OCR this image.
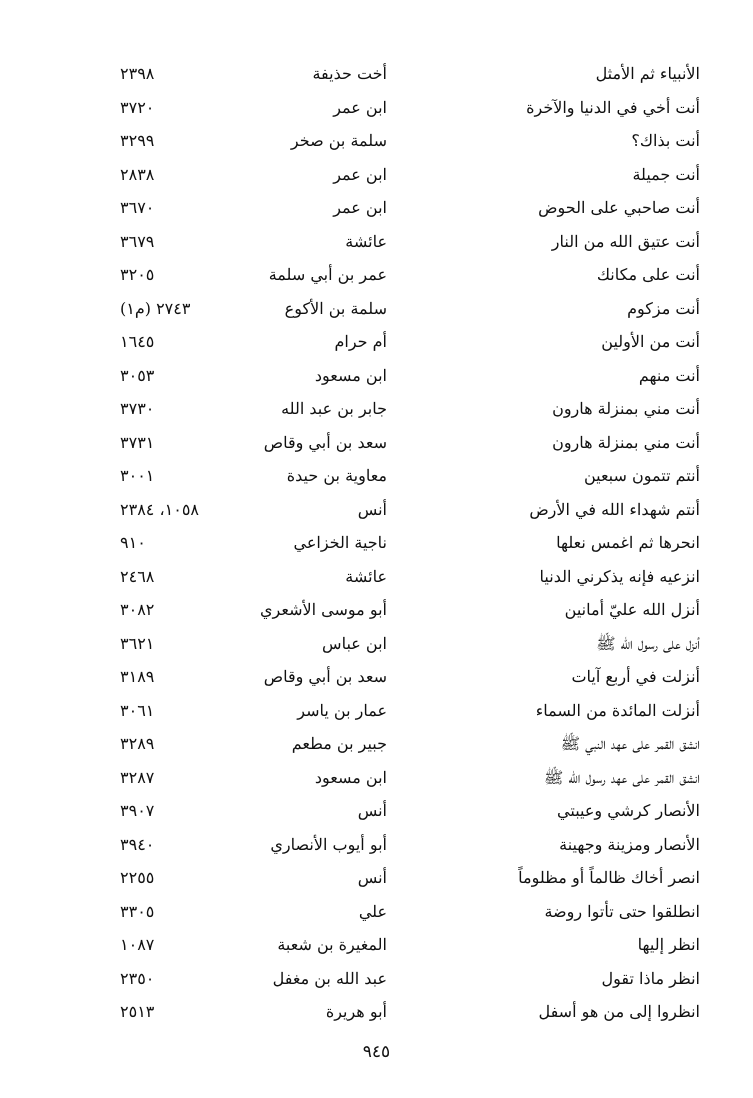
الأنبياء ثم الأمثل
أخت حذيفة
٢٣٩٨
أنت أخي في الدنيا والآخرة
ابن عمر
٣٧٢٠
أنت بذاك؟
سلمة بن صخر
٣٢٩٩
أنت جميلة
ابن عمر
٢٨٣٨
أنت صاحبي على الحوض
ابن عمر
٣٦٧٠
أنت عتيق الله من النار
عائشة
٣٦٧٩
أنت على مكانك
عمر بن أبي سلمة
٣٢٠٥
أنت مزكوم
سلمة بن الأكوع
٢٧٤٣ (م١)
أنت من الأولين
أم حرام
١٦٤٥
أنت منهم
ابن مسعود
٣٠٥٣
أنت مني بمنزلة هارون
جابر بن عبد الله
٣٧٣٠
أنت مني بمنزلة هارون
سعد بن أبي وقاص
٣٧٣١
أنتم تتمون سبعين
معاوية بن حيدة
٣٠٠١
أنتم شهداء الله في الأرض
أنس
١٠٥٨، ٢٣٨٤
انحرها ثم اغمس نعلها
ناجية الخزاعي
٩١٠
انزعيه فإنه يذكرني الدنيا
عائشة
٢٤٦٨
أنزل الله عليّ أمانين
أبو موسى الأشعري
٣٠٨٢
أنزل على رسول الله ﷺ
ابن عباس
٣٦٢١
أنزلت في أربع آيات
سعد بن أبي وقاص
٣١٨٩
أنزلت المائدة من السماء
عمار بن ياسر
٣٠٦١
انشق القمر على عهد النبي ﷺ
جبير بن مطعم
٣٢٨٩
انشق القمر على عهد رسول الله ﷺ
ابن مسعود
٣٢٨٧
الأنصار كرشي وعيبتي
أنس
٣٩٠٧
الأنصار ومزينة وجهينة
أبو أيوب الأنصاري
٣٩٤٠
انصر أخاك ظالماً أو مظلوماً
أنس
٢٢٥٥
انطلقوا حتى تأتوا روضة
علي
٣٣٠٥
انظر إليها
المغيرة بن شعبة
١٠٨٧
انظر ماذا تقول
عبد الله بن مغفل
٢٣٥٠
انظروا إلى من هو أسفل
أبو هريرة
٢٥١٣
٩٤٥
